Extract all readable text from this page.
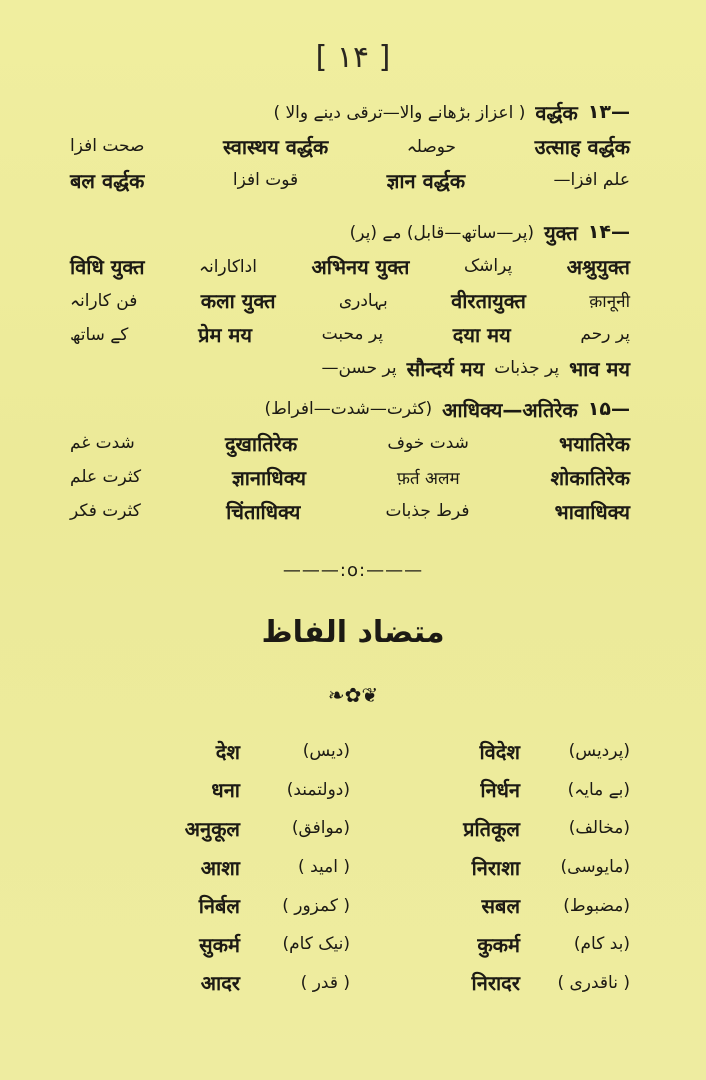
[ ۱۴ ]
۱۳—
वर्द्धक
( اعزاز بڑھانے والا—ترقی دینے والا )
उत्साह वर्द्धक
حوصلہ
स्वास्थय वर्द्धक
صحت افزا
علم افزا—
ज्ञान वर्द्धक
قوت افزا
बल वर्द्धक
۱۴—
युक्त
(پر—ساتھ—قابل) مے (پر)
अश्रुयुक्त
پراشک
अभिनय युक्त
اداکارانہ
विधि युक्त
क़ानूनी
वीरतायुक्त
بہادری
कला युक्त
فن کارانہ
پر رحم
दया मय
پر محبت
प्रेम मय
کے ساتھ
भाव मय
پر جذبات
सौन्दर्य मय
پر حسن—
۱۵—
आधिक्य—अतिरेक
(کثرت—شدت—افراط)
भयातिरेक
شدت خوف
दुखातिरेक
شدت غم
शोकातिरेक
फ़र्त अलम
ज्ञानाधिक्य
کثرت علم
भावाधिक्य
فرط جذبات
चिंताधिक्य
کثرت فکر
———:o:———
متضاد الفاظ
❧✿❦
(پردیس)
विदेश
(دیس)
देश
(بے مایہ)
निर्धन
(دولتمند)
धना
(مخالف)
प्रतिकूल
(موافق)
अनुकूल
(مایوسی)
निराशा
( امید )
आशा
(مضبوط)
सबल
( کمزور )
निर्बल
(بد کام)
कुकर्म
(نیک کام)
सुकर्म
( ناقدری )
निरादर
( قدر )
आदर
